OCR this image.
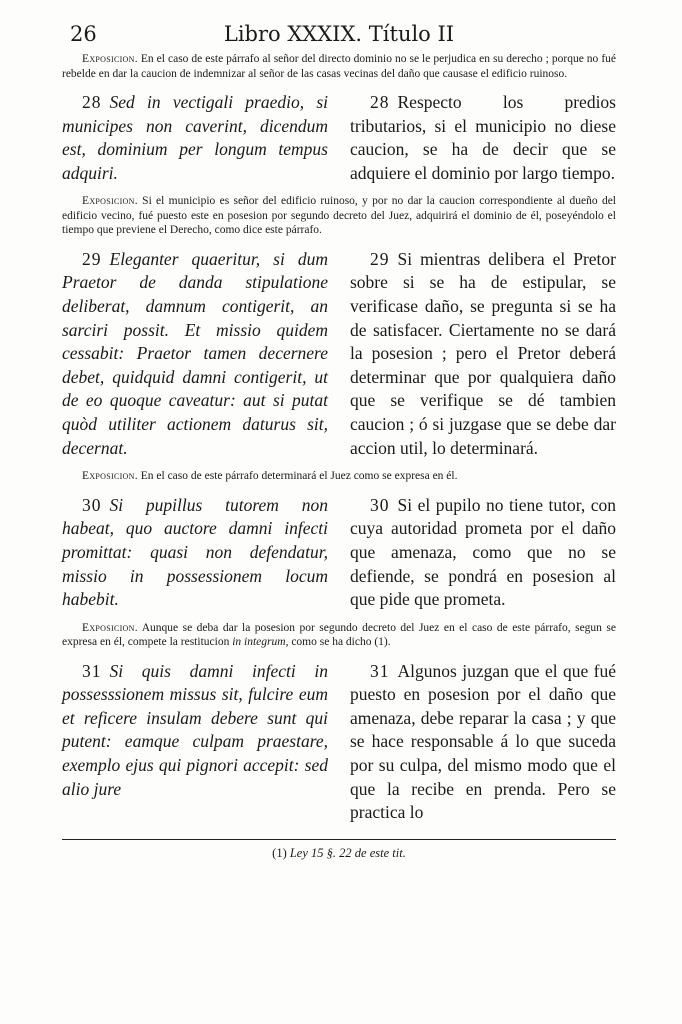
26	Libro XXXIX. Título II

Exposicion. En el caso de este párrafo al señor del directo dominio no se le perjudica en su derecho ; porque no fué rebelde en dar la caucion de indemnizar al señor de las casas vecinas del daño que causase el edificio ruinoso.

28 Sed in vectigali praedio, si municipes non caverint, dicendum est, dominium per longum tempus adquiri.
28 Respecto los predios tributarios, si el municipio no diese caucion, se ha de decir que se adquiere el dominio por largo tiempo.

Exposicion. Si el municipio es señor del edificio ruinoso, y por no dar la caucion correspondiente al dueño del edificio vecino, fué puesto este en posesion por segundo decreto del Juez, adquirirá el dominio de él, poseyéndolo el tiempo que previene el Derecho, como dice este párrafo.

29 Eleganter quaeritur, si dum Praetor de danda stipulatione deliberat, damnum contigerit, an sarciri possit. Et missio quidem cessabit: Praetor tamen decernere debet, quidquid damni contigerit, ut de eo quoque caveatur: aut si putat quòd utiliter actionem daturus sit, decernat.
29 Si mientras delibera el Pretor sobre si se ha de estipular, se verificase daño, se pregunta si se ha de satisfacer. Ciertamente no se dará la posesion ; pero el Pretor deberá determinar que por qualquiera daño que se verifique se dé tambien caucion ; ó si juzgase que se debe dar accion util, lo determinará.

Exposicion. En el caso de este párrafo determinará el Juez como se expresa en él.

30 Si pupillus tutorem non habeat, quo auctore damni infecti promittat: quasi non defendatur, missio in possessionem locum habebit.
30 Si el pupilo no tiene tutor, con cuya autoridad prometa por el daño que amenaza, como que no se defiende, se pondrá en posesion al que pide que prometa.

Exposicion. Aunque se deba dar la posesion por segundo decreto del Juez en el caso de este párrafo, segun se expresa en él, compete la restitucion in integrum, como se ha dicho (1).

31 Si quis damni infecti in possesssionem missus sit, fulcire eum et reficere insulam debere sunt qui putent: eamque culpam praestare, exemplo ejus qui pignori accepit: sed alio jure
31 Algunos juzgan que el que fué puesto en posesion por el daño que amenaza, debe reparar la casa ; y que se hace responsable á lo que suceda por su culpa, del mismo modo que el que la recibe en prenda. Pero se practica lo
(1) Ley 15 §. 22 de este tit.
